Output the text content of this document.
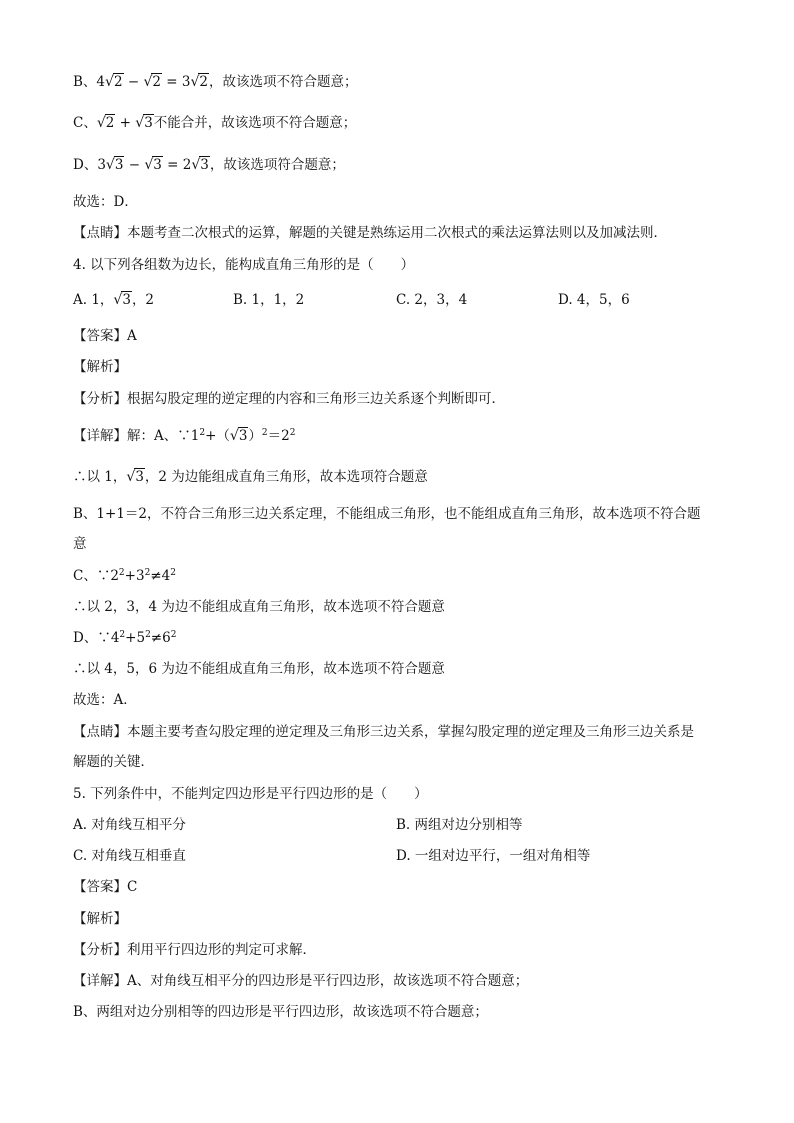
B、4√2 − √2 = 3√2，故该选项不符合题意；
C、√2 + √3不能合并，故该选项不符合题意；
D、3√3 − √3 = 2√3，故该选项符合题意；
故选：D．
【点睛】本题考查二次根式的运算，解题的关键是熟练运用二次根式的乘法运算法则以及加减法则．
4. 以下列各组数为边长，能构成直角三角形的是（　　）
A. 1，√3，2	B. 1，1，2	C. 2，3，4	D. 4，5，6
【答案】A
【解析】
【分析】根据勾股定理的逆定理的内容和三角形三边关系逐个判断即可．
【详解】解：A、$\because 1^2+(√3)^2=2^2$
∴以 1，√3，2 为边能组成直角三角形，故本选项符合题意
B、1+1＝2，不符合三角形三边关系定理，不能组成三角形，也不能组成直角三角形，故本选项不符合题
意
C、$\because 2^2+3^2\ne 4^2$
∴以 2，3，4 为边不能组成直角三角形，故本选项不符合题意
D、$\because 4^2+5^2\ne 6^2$
∴以 4，5，6 为边不能组成直角三角形，故本选项不符合题意
故选：A．
【点睛】本题主要考查勾股定理的逆定理及三角形三边关系，掌握勾股定理的逆定理及三角形三边关系是
解题的关键．
5. 下列条件中，不能判定四边形是平行四边形的是（　　）
A. 对角线互相平分	B. 两组对边分别相等
C. 对角线互相垂直	D. 一组对边平行，一组对角相等
【答案】C
【解析】
【分析】利用平行四边形的判定可求解．
【详解】A、对角线互相平分的四边形是平行四边形，故该选项不符合题意；
B、两组对边分别相等的四边形是平行四边形，故该选项不符合题意；
